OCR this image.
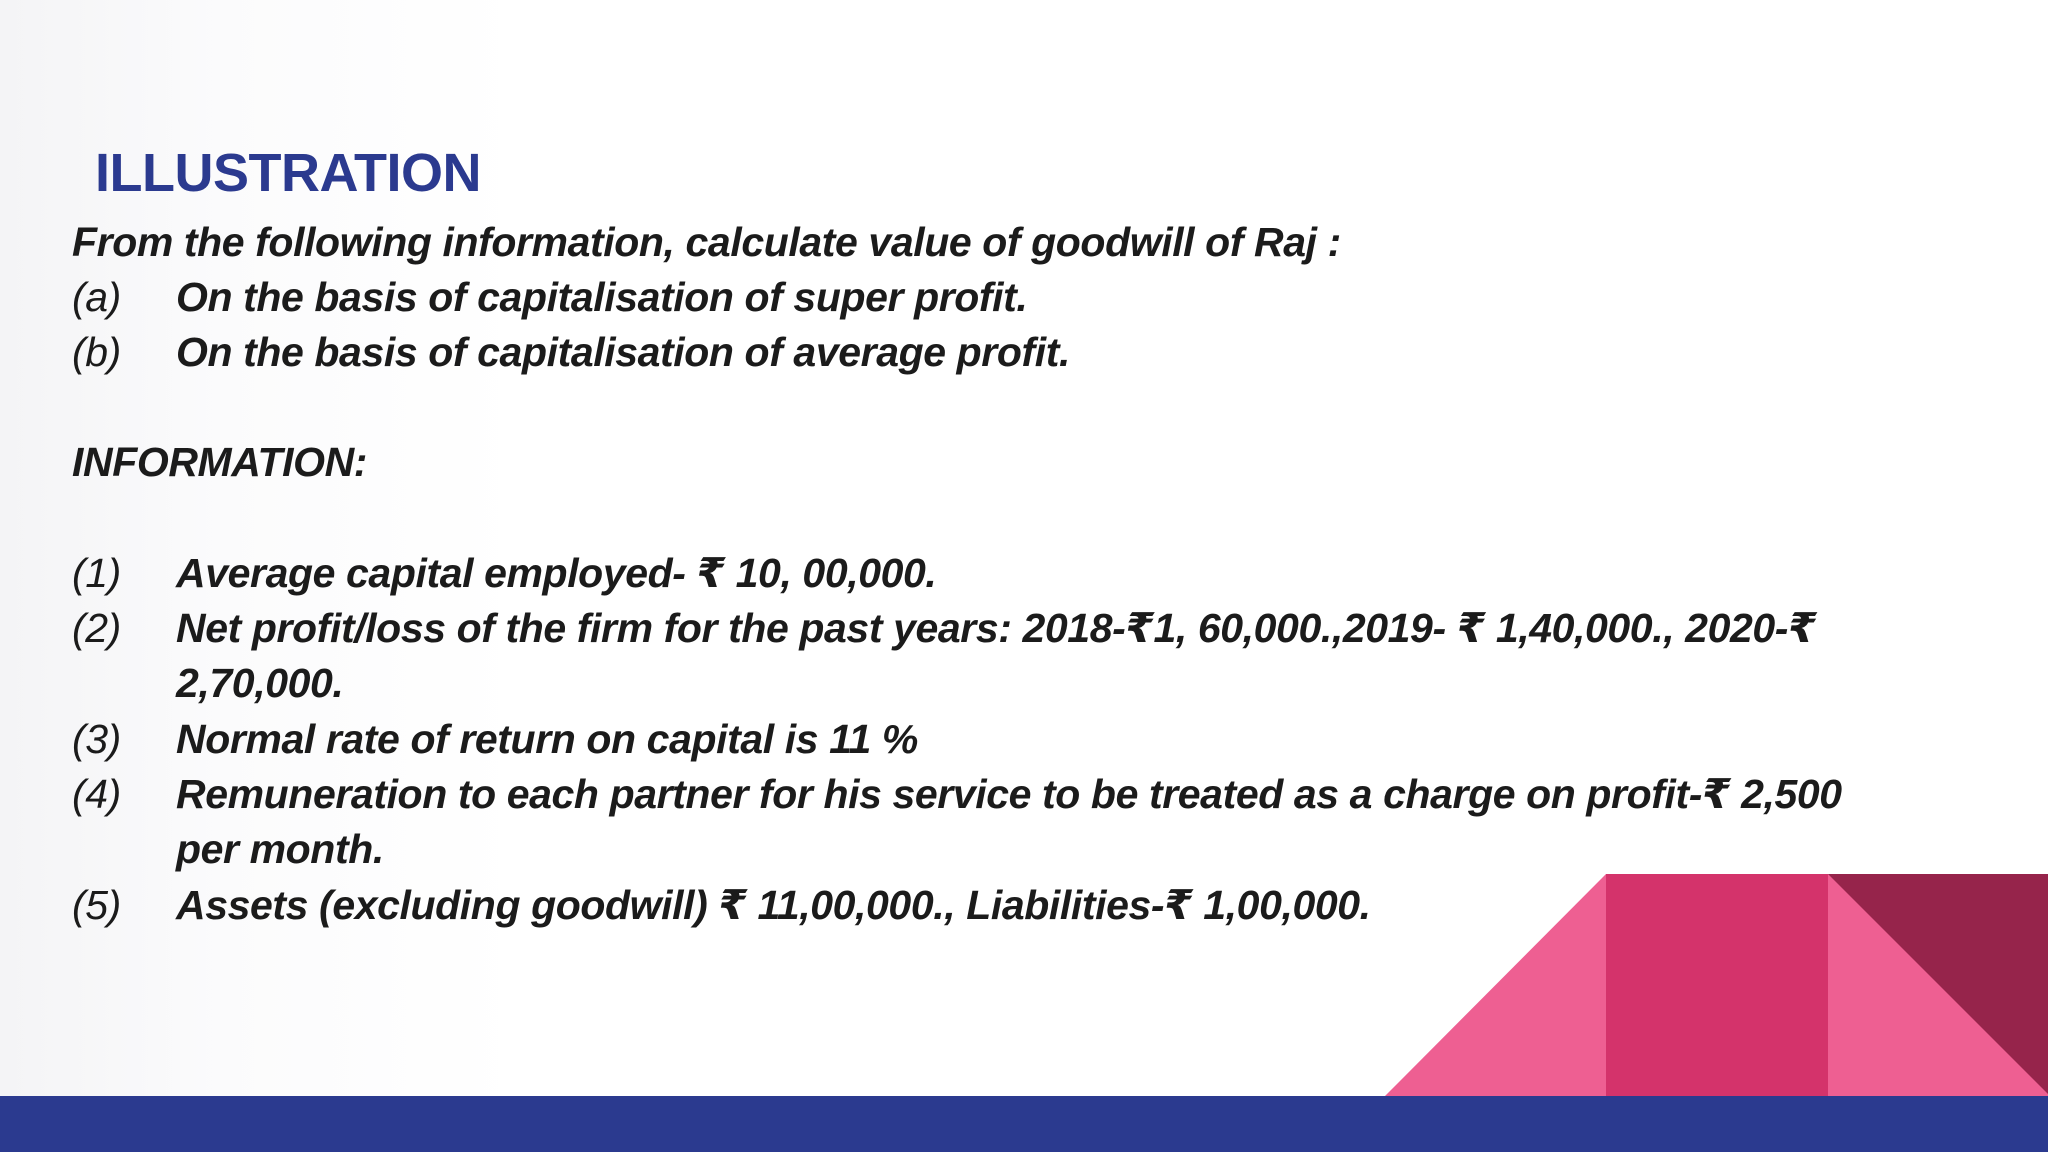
ILLUSTRATION
From the following information, calculate value of goodwill of Raj :
(a) On the basis of capitalisation of super profit.
(b) On the basis of capitalisation of average profit.
INFORMATION:
(1) Average capital employed- ₹ 10, 00,000.
(2) Net profit/loss of the firm for the past years: 2018-₹1, 60,000.,2019- ₹ 1,40,000., 2020-₹
2,70,000.
(3) Normal rate of return on capital is 11 %
(4) Remuneration to each partner for his service to be treated as a charge on profit-₹ 2,500
per month.
(5) Assets (excluding goodwill) ₹ 11,00,000., Liabilities-₹ 1,00,000.
